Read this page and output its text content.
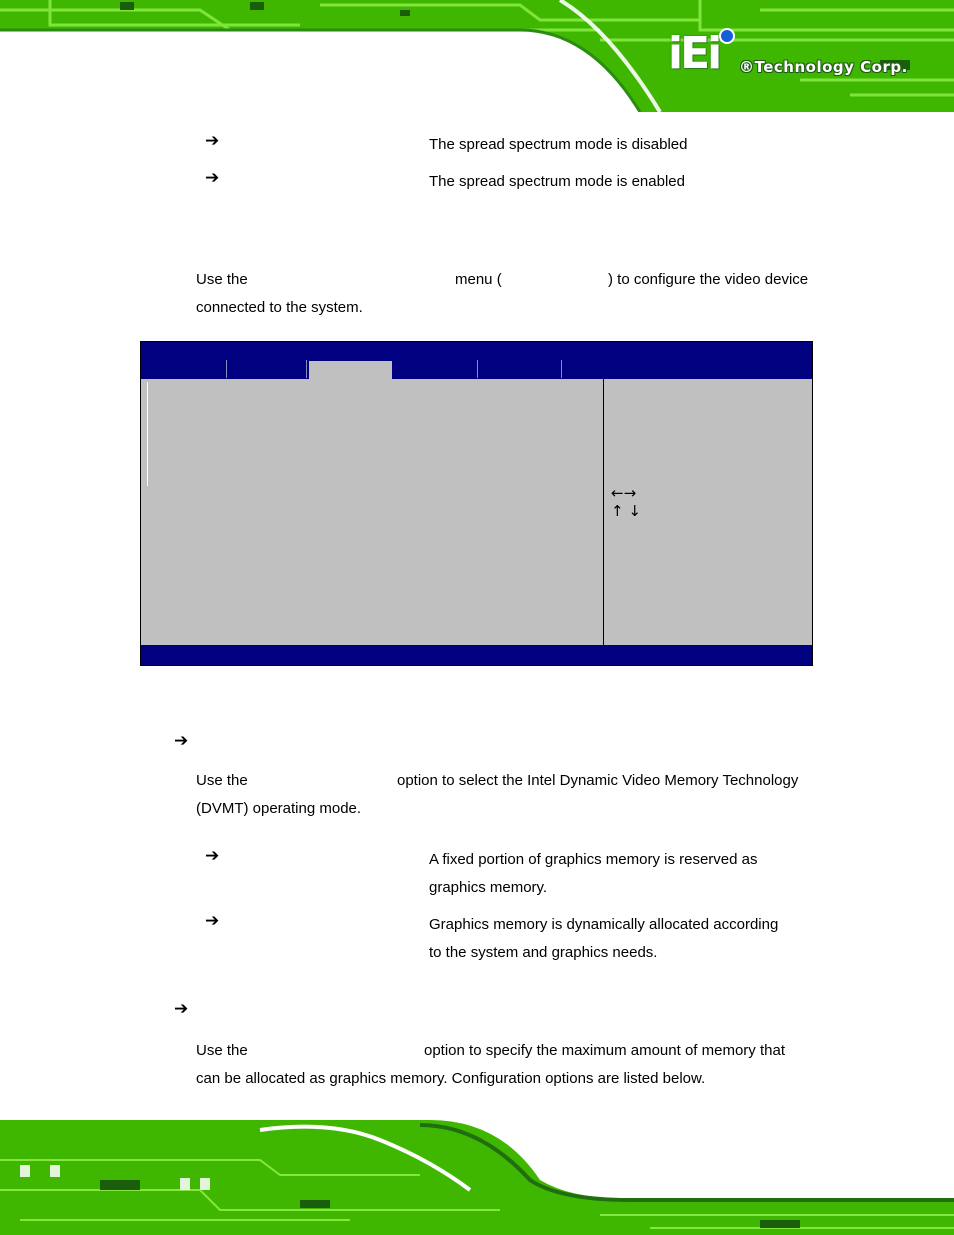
iEi ®Technology Corp.
➔	The spread spectrum mode is disabled
➔	The spread spectrum mode is enabled
Use the	menu (	) to configure the video device
connected to the system.
←→
↑ ↓
➔
Use the	option to select the Intel Dynamic Video Memory Technology
(DVMT) operating mode.
➔	A fixed portion of graphics memory is reserved as
graphics memory.
➔	Graphics memory is dynamically allocated according
to the system and graphics needs.
➔
Use the	option to specify the maximum amount of memory that
can be allocated as graphics memory. Configuration options are listed below.
